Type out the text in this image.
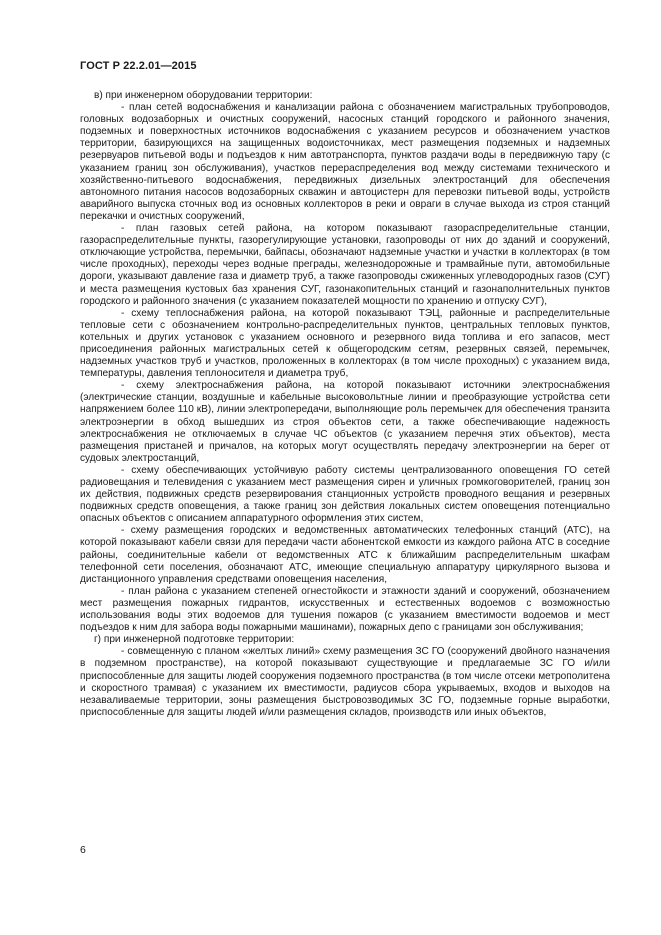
ГОСТ Р 22.2.01—2015

в) при инженерном оборудовании территории:

- план сетей водоснабжения и канализации района с обозначением магистральных трубопроводов, головных водозаборных и очистных сооружений, насосных станций городского и районного значения, подземных и поверхностных источников водоснабжения с указанием ресурсов и обозначением участков территории, базирующихся на защищенных водоисточниках, мест размещения подземных и надземных резервуаров питьевой воды и подъездов к ним автотранспорта, пунктов раздачи воды в передвижную тару (с указанием границ зон обслуживания), участков перераспределения вод между системами технического и хозяйственно-питьевого водоснабжения, передвижных дизельных электростанций для обеспечения автономного питания насосов водозаборных скважин и автоцистерн для перевозки питьевой воды, устройств аварийного выпуска сточных вод из основных коллекторов в реки и овраги в случае выхода из строя станций перекачки и очистных сооружений,

- план газовых сетей района, на котором показывают газораспределительные станции, газораспределительные пункты, газорегулирующие установки, газопроводы от них до зданий и сооружений, отключающие устройства, перемычки, байпасы, обозначают надземные участки и участки в коллекторах (в том числе проходных), переходы через водные преграды, железнодорожные и трамвайные пути, автомобильные дороги, указывают давление газа и диаметр труб, а также газопроводы сжиженных углеводородных газов (СУГ) и места размещения кустовых баз хранения СУГ, газонакопительных станций и газонаполнительных пунктов городского и районного значения (с указанием показателей мощности по хранению и отпуску СУГ),

- схему теплоснабжения района, на которой показывают ТЭЦ, районные и распределительные тепловые сети с обозначением контрольно-распределительных пунктов, центральных тепловых пунктов, котельных и других установок с указанием основного и резервного вида топлива и его запасов, мест присоединения районных магистральных сетей к общегородским сетям, резервных связей, перемычек, надземных участков труб и участков, проложенных в коллекторах (в том числе проходных) с указанием вида, температуры, давления теплоносителя и диаметра труб,

- схему электроснабжения района, на которой показывают источники электроснабжения (электрические станции, воздушные и кабельные высоковольтные линии и преобразующие устройства сети напряжением более 110 кВ), линии электропередачи, выполняющие роль перемычек для обеспечения транзита электроэнергии в обход вышедших из строя объектов сети, а также обеспечивающие надежность электроснабжения не отключаемых в случае ЧС объектов (с указанием перечня этих объектов), места размещения пристаней и причалов, на которых могут осуществлять передачу электроэнергии на берег от судовых электростанций,

- схему обеспечивающих устойчивую работу системы централизованного оповещения ГО сетей радиовещания и телевидения с указанием мест размещения сирен и уличных громкоговорителей, границ зон их действия, подвижных средств резервирования станционных устройств проводного вещания и резервных подвижных средств оповещения, а также границ зон действия локальных систем оповещения потенциально опасных объектов с описанием аппаратурного оформления этих систем,

- схему размещения городских и ведомственных автоматических телефонных станций (АТС), на которой показывают кабели связи для передачи части абонентской емкости из каждого района АТС в соседние районы, соединительные кабели от ведомственных АТС к ближайшим распределительным шкафам телефонной сети поселения, обозначают АТС, имеющие специальную аппаратуру циркулярного вызова и дистанционного управления средствами оповещения населения,

- план района с указанием степеней огнестойкости и этажности зданий и сооружений, обозначением мест размещения пожарных гидрантов, искусственных и естественных водоемов с возможностью использования воды этих водоемов для тушения пожаров (с указанием вместимости водоемов и мест подъездов к ним для забора воды пожарными машинами), пожарных депо с границами зон обслуживания;

г) при инженерной подготовке территории:

- совмещенную с планом «желтых линий» схему размещения ЗС ГО (сооружений двойного назначения в подземном пространстве), на которой показывают существующие и предлагаемые ЗС ГО и/или приспособленные для защиты людей сооружения подземного пространства (в том числе отсеки метрополитена и скоростного трамвая) с указанием их вместимости, радиусов сбора укрываемых, входов и выходов на незаваливаемые территории, зоны размещения быстровозводимых ЗС ГО, подземные горные выработки, приспособленные для защиты людей и/или размещения складов, производств или иных объектов,

6
